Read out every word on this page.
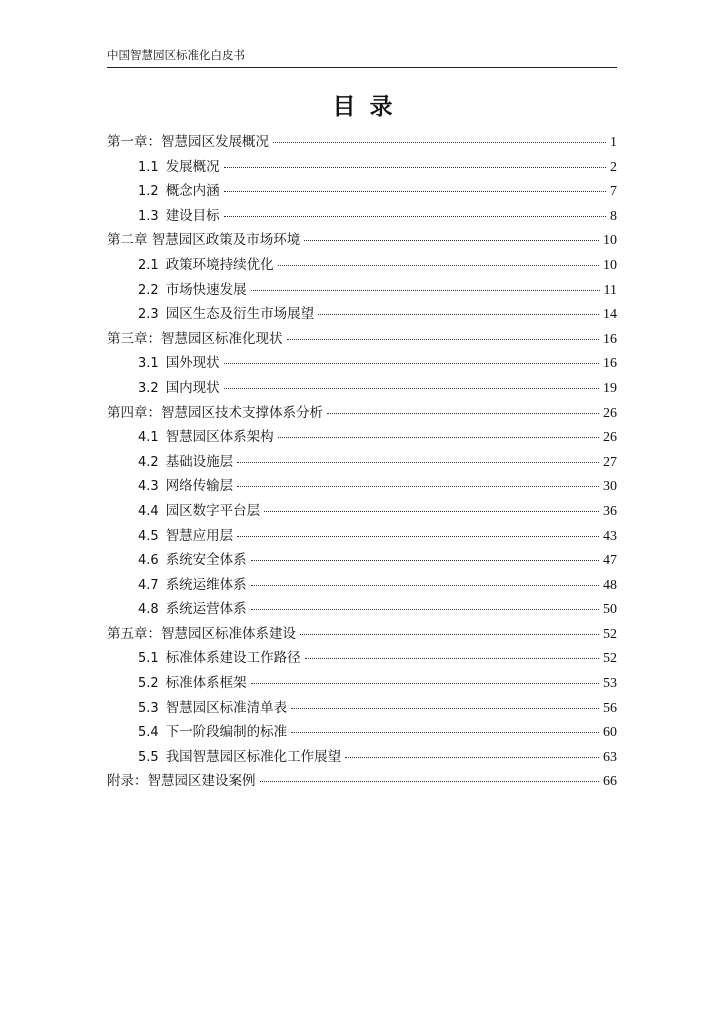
中国智慧园区标准化白皮书
目录
第一章：智慧园区发展概况	1
1.1 发展概况	2
1.2 概念内涵	7
1.3 建设目标	8
第二章 智慧园区政策及市场环境	10
2.1 政策环境持续优化	10
2.2 市场快速发展	11
2.3 园区生态及衍生市场展望	14
第三章：智慧园区标准化现状	16
3.1 国外现状	16
3.2 国内现状	19
第四章：智慧园区技术支撑体系分析	26
4.1 智慧园区体系架构	26
4.2 基础设施层	27
4.3 网络传输层	30
4.4 园区数字平台层	36
4.5 智慧应用层	43
4.6 系统安全体系	47
4.7 系统运维体系	48
4.8 系统运营体系	50
第五章：智慧园区标准体系建设	52
5.1 标准体系建设工作路径	52
5.2 标准体系框架	53
5.3 智慧园区标准清单表	56
5.4 下一阶段编制的标准	60
5.5 我国智慧园区标准化工作展望	63
附录：智慧园区建设案例	66
